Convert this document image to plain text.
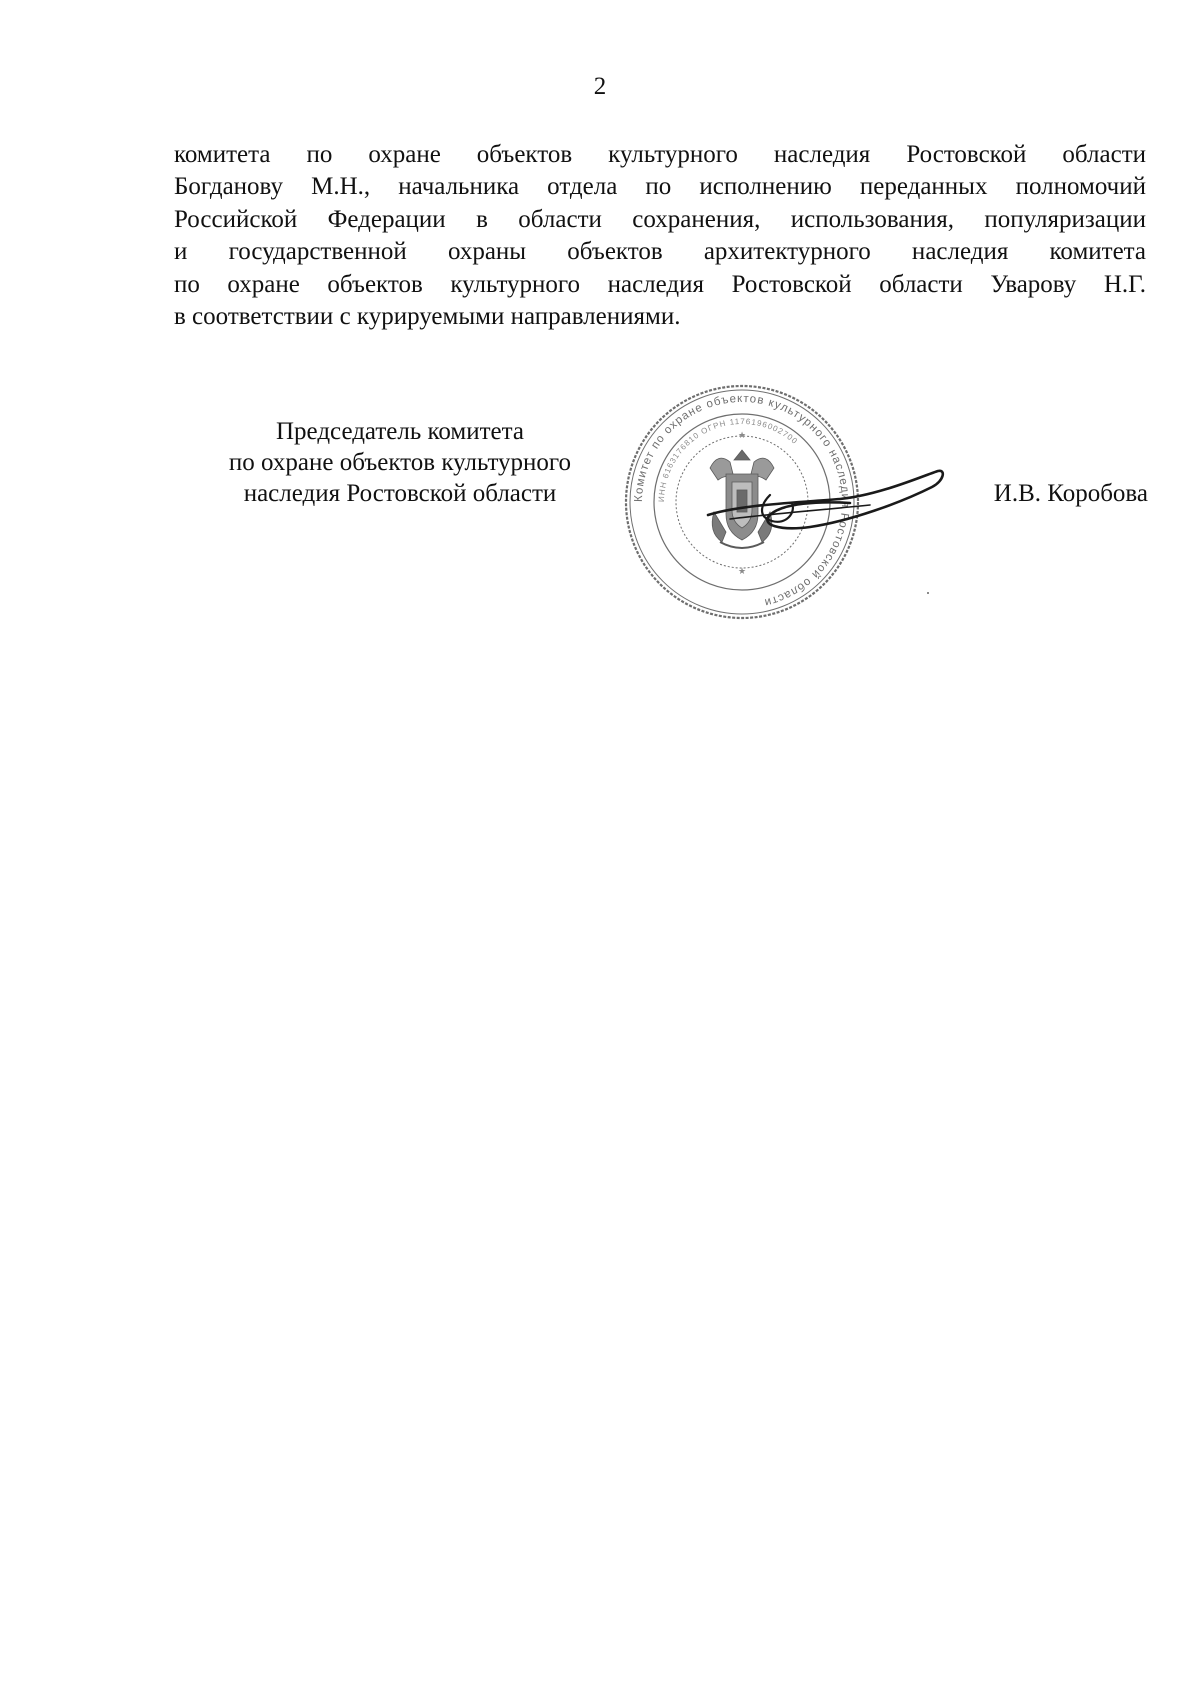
2
комитета по охране объектов культурного наследия Ростовской области
Богданову М.Н., начальника отдела по исполнению переданных полномочий
Российской Федерации в области сохранения, использования, популяризации
и государственной охраны объектов архитектурного наследия комитета
по охране объектов культурного наследия Ростовской области Уварову Н.Г.
в соответствии с курируемыми направлениями.
Председатель комитета
по охране объектов культурного
наследия Ростовской области	Комитет по охране объектов культурного наследия Ростовской области
ИНН 6163176810 ОГРН 1176196002700
★
★
И.В. Коробова
